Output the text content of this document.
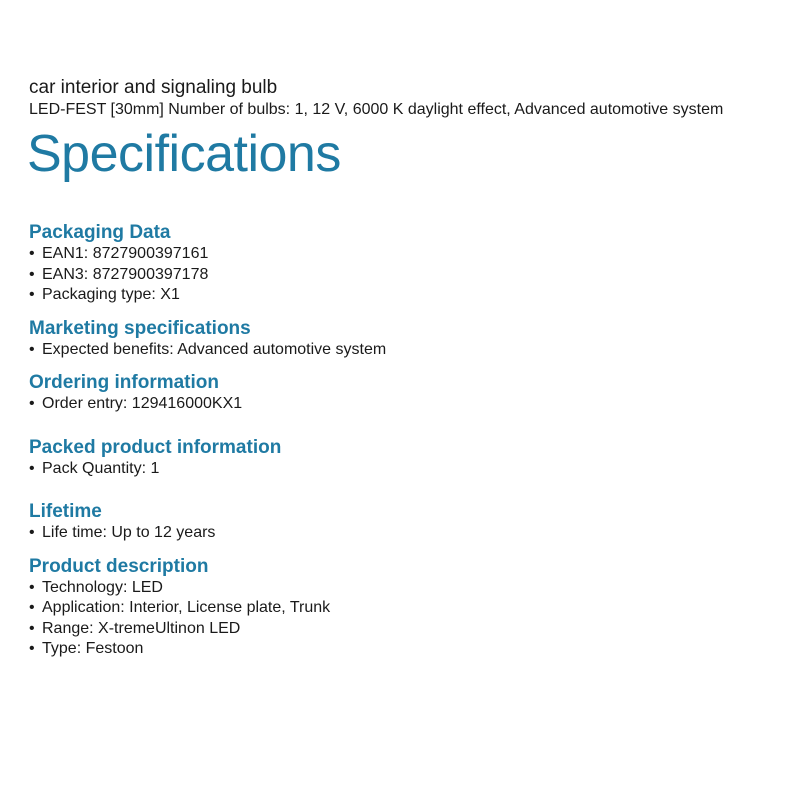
car interior and signaling bulb

LED-FEST [30mm] Number of bulbs: 1, 12 V, 6000 K daylight effect, Advanced automotive system

Specifications
Packaging Data
• EAN1: 8727900397161
• EAN3: 8727900397178
• Packaging type: X1
Marketing specifications
• Expected benefits: Advanced automotive system
Ordering information
• Order entry: 129416000KX1
Packed product information
• Pack Quantity: 1
Lifetime
• Life time: Up to 12 years
Product description
• Technology: LED
• Application: Interior, License plate, Trunk
• Range: X-tremeUltinon LED
• Type: Festoon
